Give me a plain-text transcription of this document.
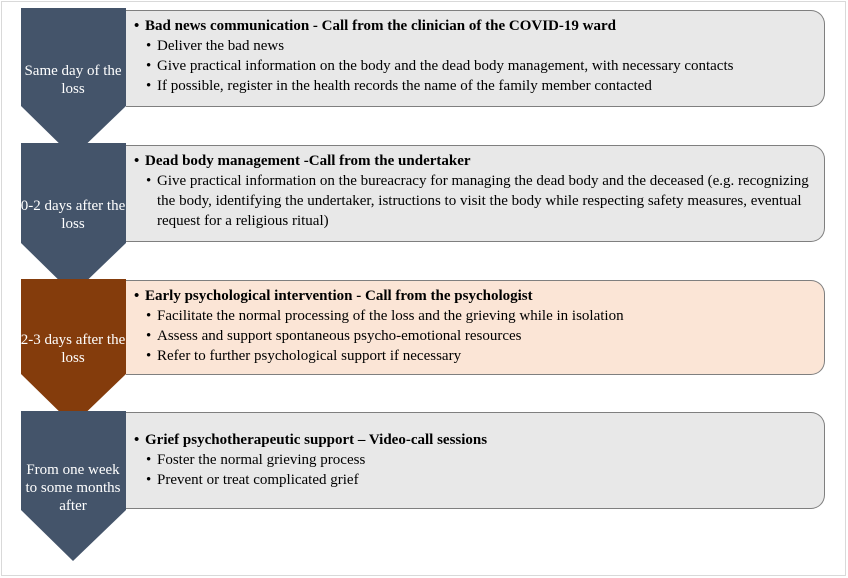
Same day of the loss
• Bad news communication - Call from the clinician of the COVID-19 ward
• Deliver the bad news
• Give practical information on the body and the dead body management, with necessary contacts
• If possible, register in the health records the name of the family member contacted
0-2 days after the loss
• Dead body management -Call from the undertaker
• Give practical information on the bureacracy for managing the dead body and the deceased (e.g. recognizing the body, identifying the undertaker, istructions to visit the body while respecting safety measures, eventual request for a religious ritual)
2-3 days after the loss
• Early psychological intervention - Call from the psychologist
• Facilitate the normal processing of the loss and the grieving while in isolation
• Assess and support spontaneous psycho-emotional resources
• Refer to further psychological support if necessary
From one week to some months after
• Grief psychotherapeutic support – Video-call sessions
• Foster the normal grieving process
• Prevent or treat complicated grief
